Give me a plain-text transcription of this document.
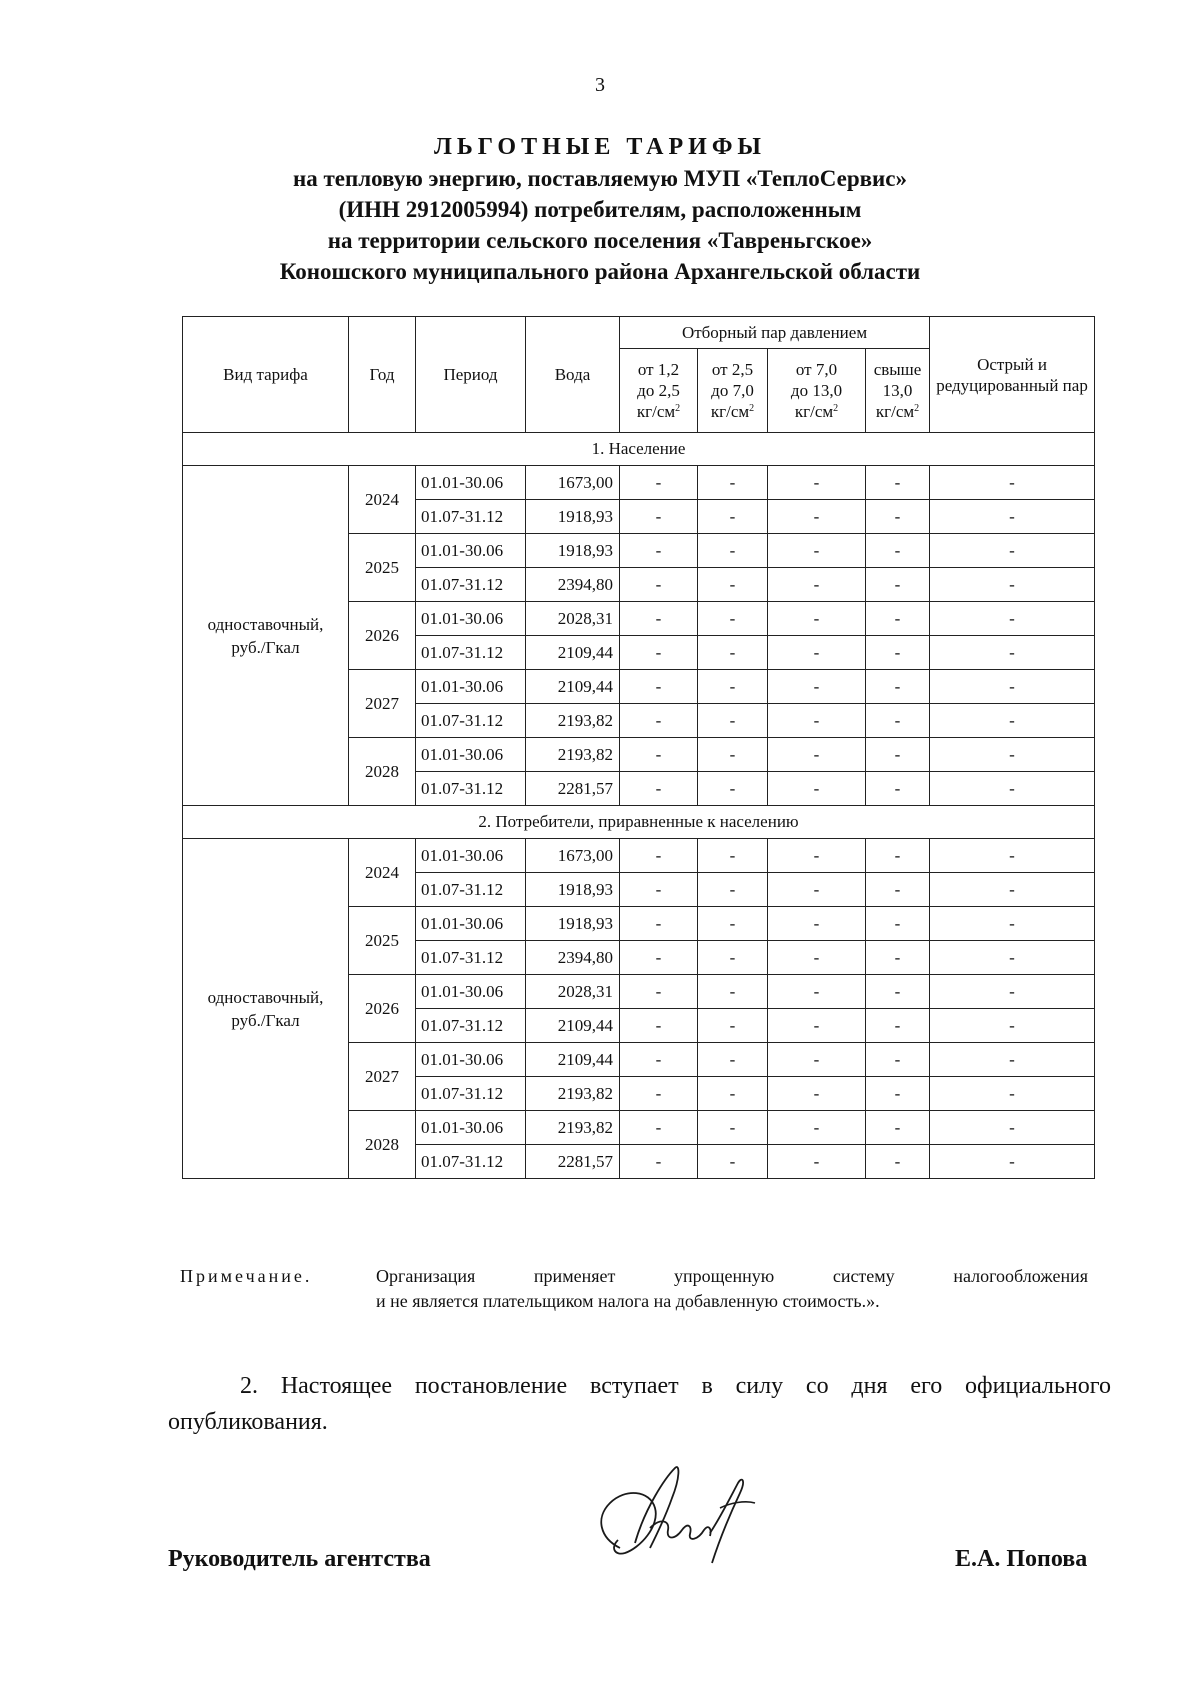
3
ЛЬГОТНЫЕ ТАРИФЫ
на тепловую энергию, поставляемую МУП «ТеплоСервис»
(ИНН 2912005994) потребителям, расположенным
на территории сельского поселения «Тавреньгское»
Коношского муниципального района Архангельской области
Вид тарифа	Год	Период	Вода	Отборный пар давлением				Острый и редуцированный пар
				от 1,2
до 2,5
$кг/см^2$	от 2,5
до 7,0
$кг/см^2$	от 7,0
до 13,0
$кг/см^2$	свыше
13,0
$кг/см^2$
1. Население								
одноставочный,
руб./Гкал	2024	01.01-30.06	1673,00	-	-	-	-	-
		01.07-31.12	1918,93	-	-	-	-	-
	2025	01.01-30.06	1918,93	-	-	-	-	-
		01.07-31.12	2394,80	-	-	-	-	-
	2026	01.01-30.06	2028,31	-	-	-	-	-
		01.07-31.12	2109,44	-	-	-	-	-
	2027	01.01-30.06	2109,44	-	-	-	-	-
		01.07-31.12	2193,82	-	-	-	-	-
	2028	01.01-30.06	2193,82	-	-	-	-	-
		01.07-31.12	2281,57	-	-	-	-	-
2. Потребители, приравненные к населению								
одноставочный,
руб./Гкал	2024	01.01-30.06	1673,00	-	-	-	-	-
		01.07-31.12	1918,93	-	-	-	-	-
	2025	01.01-30.06	1918,93	-	-	-	-	-
		01.07-31.12	2394,80	-	-	-	-	-
	2026	01.01-30.06	2028,31	-	-	-	-	-
		01.07-31.12	2109,44	-	-	-	-	-
	2027	01.01-30.06	2109,44	-	-	-	-	-
		01.07-31.12	2193,82	-	-	-	-	-
	2028	01.01-30.06	2193,82	-	-	-	-	-
		01.07-31.12	2281,57	-	-	-	-	-
Примечание.	Организация применяет упрощенную систему налогообложения
и не является плательщиком налога на добавленную стоимость.».
2. Настоящее постановление вступает в силу со дня его официального опубликования.
Руководитель агентства	Е.А. Попова
